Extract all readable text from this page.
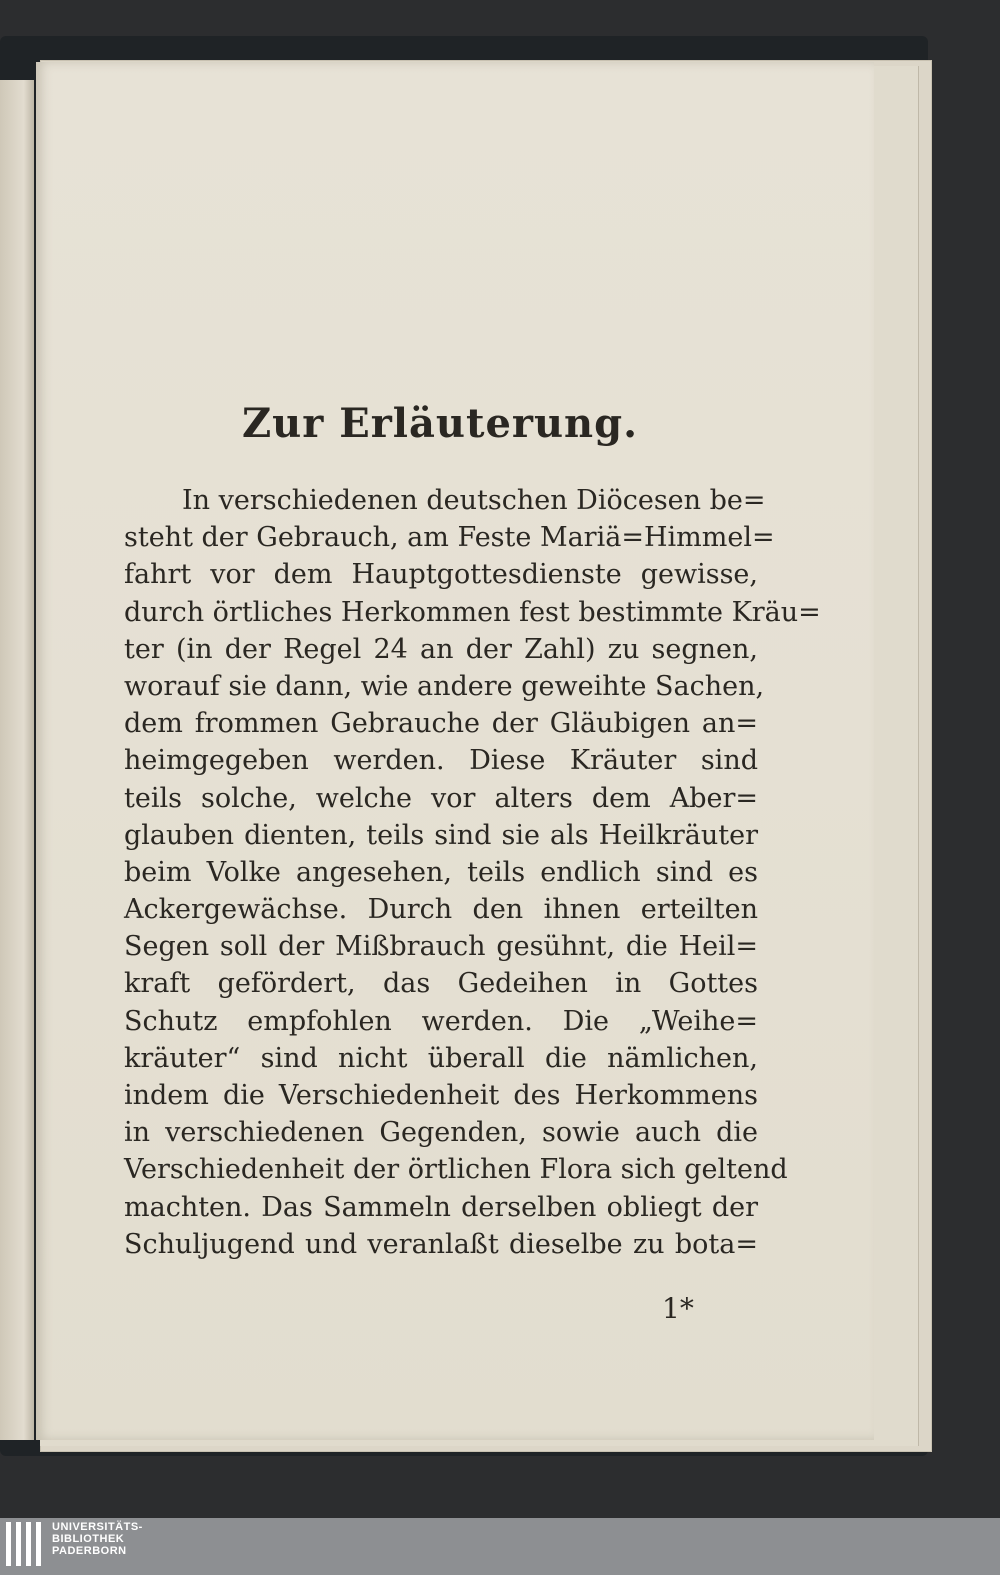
Zur Erläuterung.
In verschiedenen deutschen Diöcesen be=
steht der Gebrauch, am Feste Mariä=Himmel=
fahrt vor dem Hauptgottesdienste gewisse,
durch örtliches Herkommen fest bestimmte Kräu=
ter (in der Regel 24 an der Zahl) zu segnen,
worauf sie dann, wie andere geweihte Sachen,
dem frommen Gebrauche der Gläubigen an=
heimgegeben werden. Diese Kräuter sind
teils solche, welche vor alters dem Aber=
glauben dienten, teils sind sie als Heilkräuter
beim Volke angesehen, teils endlich sind es
Ackergewächse. Durch den ihnen erteilten
Segen soll der Mißbrauch gesühnt, die Heil=
kraft gefördert, das Gedeihen in Gottes
Schutz empfohlen werden. Die „Weihe=
kräuter“ sind nicht überall die nämlichen,
indem die Verschiedenheit des Herkommens
in verschiedenen Gegenden, sowie auch die
Verschiedenheit der örtlichen Flora sich geltend
machten. Das Sammeln derselben obliegt der
Schuljugend und veranlaßt dieselbe zu bota=
1*
UNIVERSITÄTS-
BIBLIOTHEK
PADERBORN
